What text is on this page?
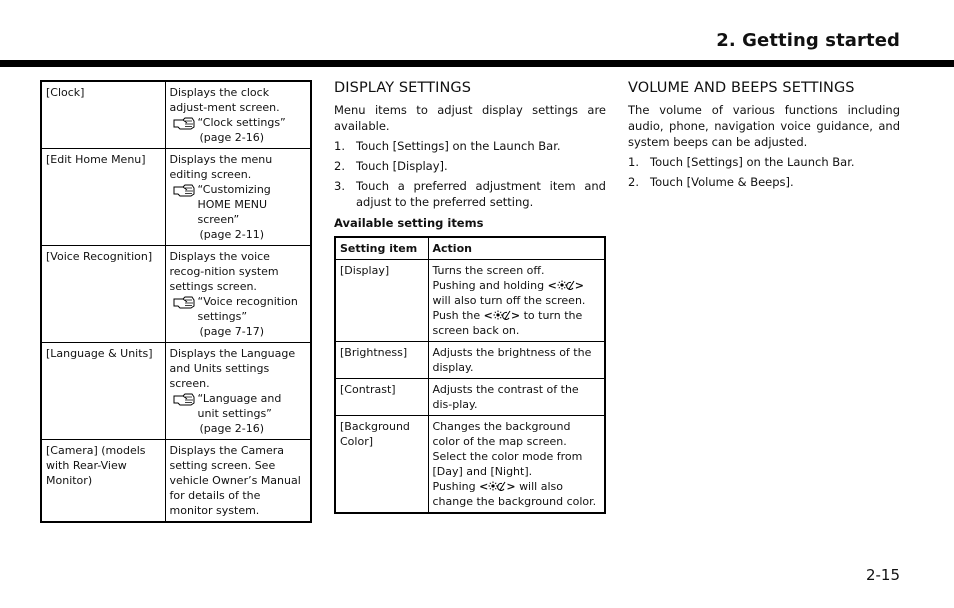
2. Getting started
[Clock]	Displays the clock adjust-ment screen.
“Clock settings”
(page 2-16)

[Edit Home Menu]	Displays the menu editing screen.
“Customizing HOME MENU screen”
(page 2-11)

[Voice Recognition]	Displays the voice recog-nition system settings screen.
“Voice recognition settings”
(page 7-17)

[Language & Units]	Displays the Language and Units settings screen.
“Language and unit settings”
(page 2-16)

[Camera] (models with Rear-View Monitor)	Displays the Camera setting screen. See vehicle Owner’s Manual for details of the monitor system.
DISPLAY SETTINGS

Menu items to adjust display settings are available.

1. Touch [Settings] on the Launch Bar.
2. Touch [Display].
3. Touch a preferred adjustment item and adjust to the preferred setting.
Available setting items
Setting item	Action
[Display]	Turns the screen off.
Pushing and holding < > will also turn off the screen. Push the < > to turn the screen back on.
[Brightness]	Adjusts the brightness of the display.
[Contrast]	Adjusts the contrast of the dis-play.
[Background Color]	Changes the background color of the map screen. Select the color mode from [Day] and [Night].
Pushing < > will also change the background color.
VOLUME AND BEEPS SETTINGS

The volume of various functions including audio, phone, navigation voice guidance, and system beeps can be adjusted.

1. Touch [Settings] on the Launch Bar.
2. Touch [Volume & Beeps].
2-15
